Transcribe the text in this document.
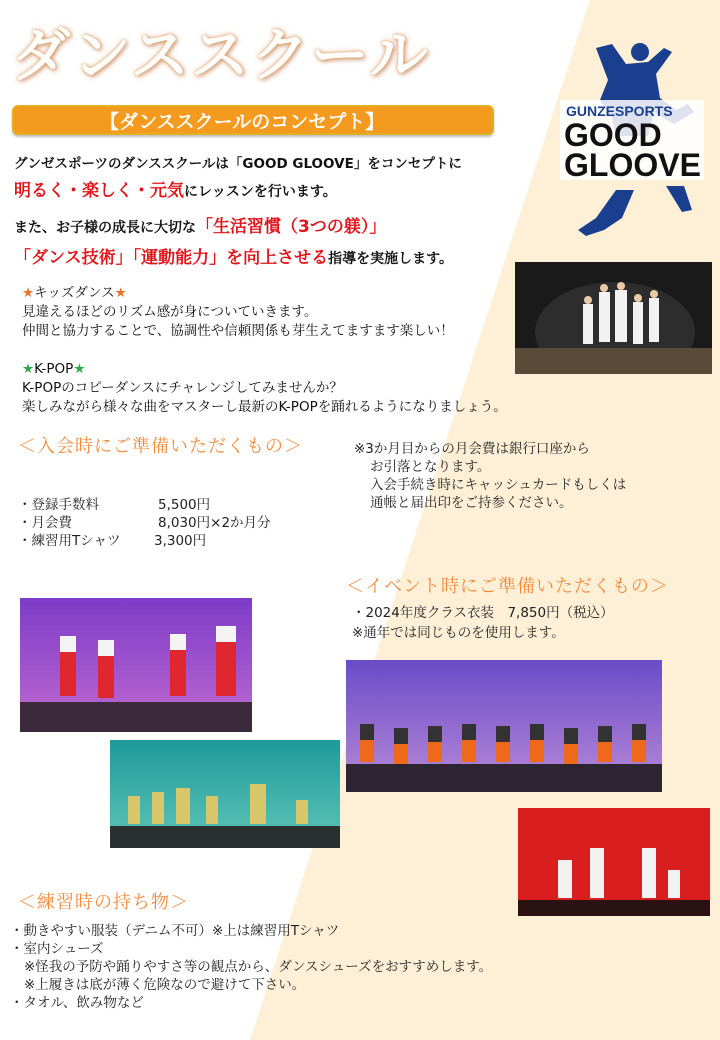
ダンススクール
【ダンススクールのコンセプト】	GUNZESPORTS
GOOD
GLOOVE
グンゼスポーツのダンススクールは「GOOD GLOOVE」をコンセプトに
明るく・楽しく・元気にレッスンを行います。
また、お子様の成長に大切な「生活習慣（3つの躾）」
「ダンス技術」「運動能力」を向上させる指導を実施します。
★キッズダンス★
見違えるほどのリズム感が身についていきます。
仲間と協力することで、協調性や信頼関係も芽生えてますます楽しい！
★K-POP★
K-POPのコピーダンスにチャレンジしてみませんか？
楽しみながら様々な曲をマスターし最新のK-POPを踊れるようになりましょう。
＜入会時にご準備いただくもの＞
・登録手数料	5,500円
・月会費	8,030円×2か月分
・練習用Tシャツ 3,300円
※3か月目からの月会費は銀行口座から
お引落となります。
入会手続き時にキャッシュカードもしくは
通帳と届出印をご持参ください。
＜イベント時にご準備いただくもの＞
・2024年度クラス衣装　7,850円（税込）
※通年では同じものを使用します。
＜練習時の持ち物＞
・動きやすい服装（デニム不可）※上は練習用Tシャツ
・室内シューズ
※怪我の予防や踊りやすさ等の観点から、ダンスシューズをおすすめします。
※上履きは底が薄く危険なので避けて下さい。
・タオル、飲み物など
